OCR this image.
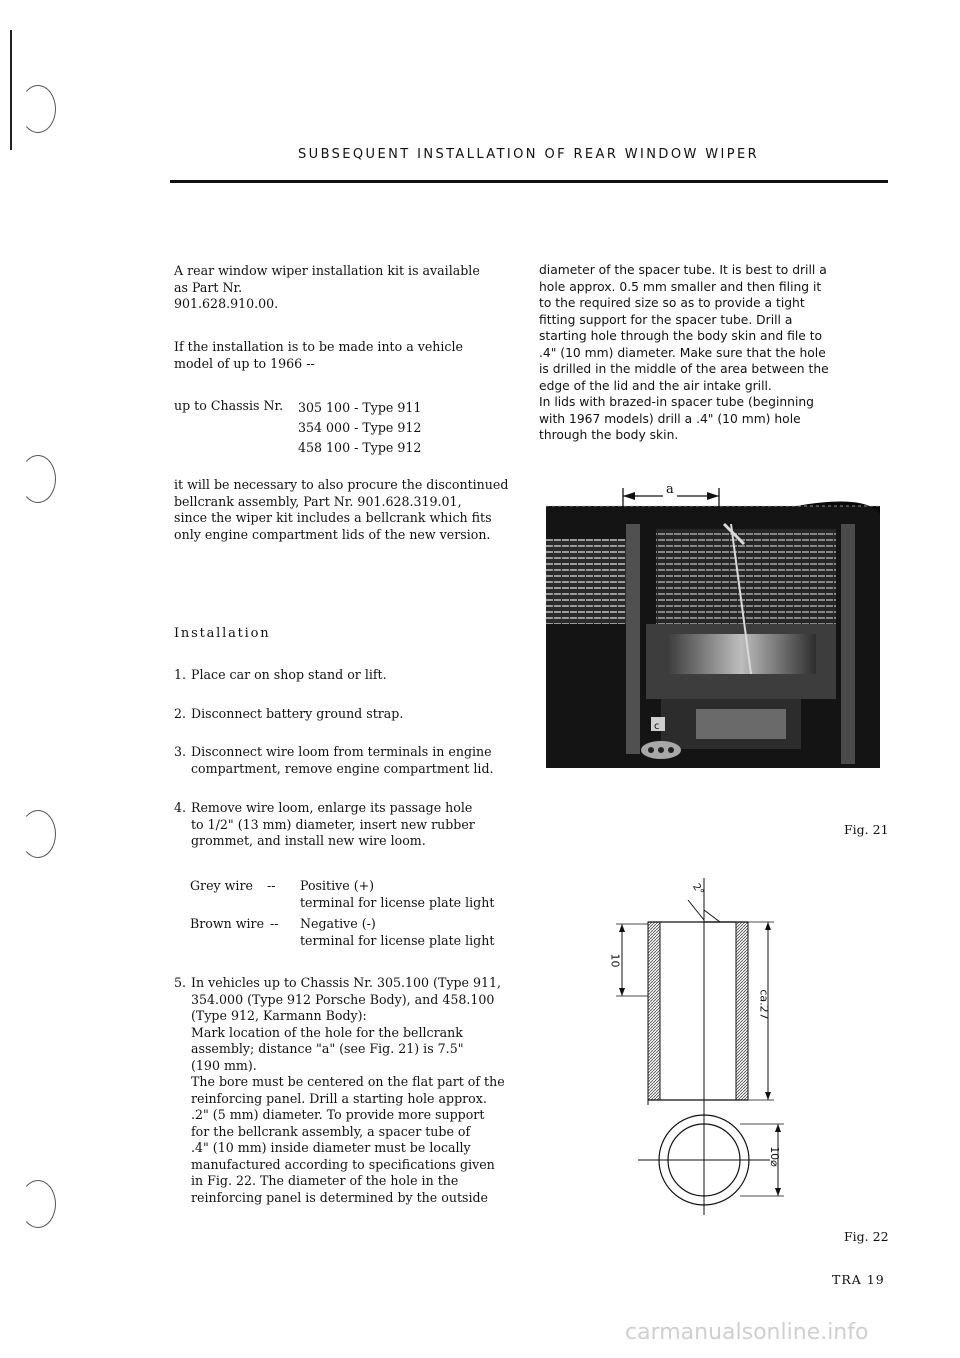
SUBSEQUENT INSTALLATION OF REAR WINDOW WIPER

A rear window wiper installation kit is available

as Part Nr.

901.628.910.00.

If the installation is to be made into a vehicle

model of up to 1966 --

up to Chassis Nr. 305 100 - Type 911

354 000 - Type 912

458 100 - Type 912

it will be necessary to also procure the discontinued

bellcrank assembly, Part Nr. 901.628.319.01,

since the wiper kit includes a bellcrank which fits

only engine compartment lids of the new version.

Installation
1. Place car on shop stand or lift.
2. Disconnect battery ground strap.
3. Disconnect wire loom from terminals in engine
compartment, remove engine compartment lid.
4. Remove wire loom, enlarge its passage hole
to 1/2" (13 mm) diameter, insert new rubber
grommet, and install new wire loom.
Grey wire -- Positive (+)

terminal for license plate light

Brown wire -- Negative (-)

terminal for license plate light

5. In vehicles up to Chassis Nr. 305.100 (Type 911,
354.000 (Type 912 Porsche Body), and 458.100
(Type 912, Karmann Body):
Mark location of the hole for the bellcrank
assembly; distance "a" (see Fig. 21) is 7.5"
(190 mm).
The bore must be centered on the flat part of the
reinforcing panel. Drill a starting hole approx.
.2" (5 mm) diameter. To provide more support
for the bellcrank assembly, a spacer tube of
.4" (10 mm) inside diameter must be locally
manufactured according to specifications given
in Fig. 22. The diameter of the hole in the
reinforcing panel is determined by the outside

diameter of the spacer tube. It is best to drill a

hole approx. 0.5 mm smaller and then filing it

to the required size so as to provide a tight

fitting support for the spacer tube. Drill a

starting hole through the body skin and file to

.4" (10 mm) diameter. Make sure that the hole

is drilled in the middle of the area between the

edge of the lid and the air intake grill.

In lids with brazed-in spacer tube (beginning

with 1967 models) drill a .4" (10 mm) hole

through the body skin.

a
c
Fig. 21
10
ca.27
10⌀
2°
Fig. 22
TRA 19
carmanualsonline.info
